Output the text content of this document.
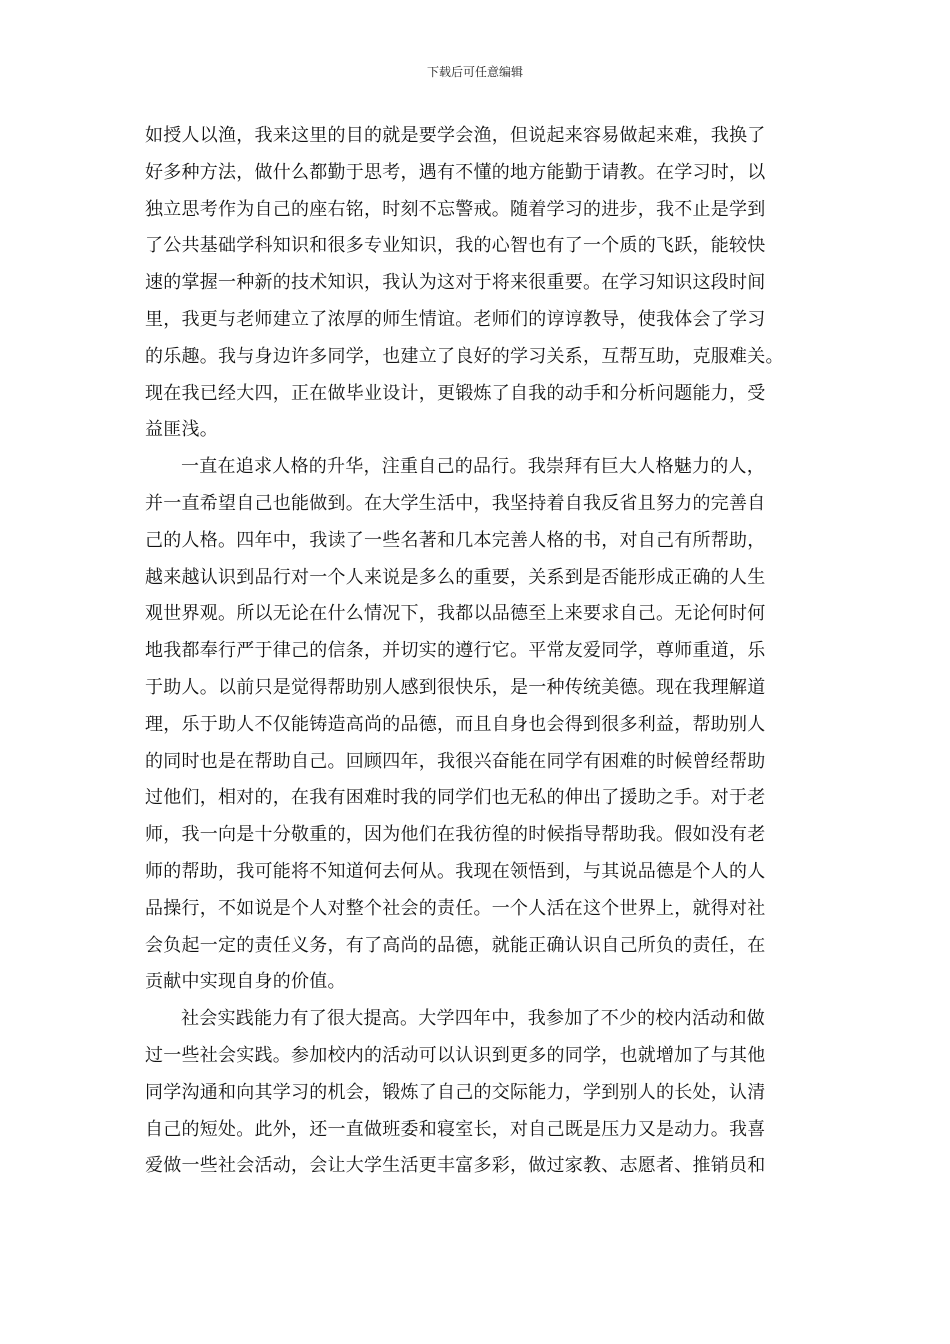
下载后可任意编辑
如授人以渔，我来这里的目的就是要学会渔，但说起来容易做起来难，我换了
好多种方法，做什么都勤于思考，遇有不懂的地方能勤于请教。在学习时，以
独立思考作为自己的座右铭，时刻不忘警戒。随着学习的进步，我不止是学到
了公共基础学科知识和很多专业知识，我的心智也有了一个质的飞跃，能较快
速的掌握一种新的技术知识，我认为这对于将来很重要。在学习知识这段时间
里，我更与老师建立了浓厚的师生情谊。老师们的谆谆教导，使我体会了学习
的乐趣。我与身边许多同学，也建立了良好的学习关系，互帮互助，克服难关。
现在我已经大四，正在做毕业设计，更锻炼了自我的动手和分析问题能力，受
益匪浅。
一直在追求人格的升华，注重自己的品行。我崇拜有巨大人格魅力的人，
并一直希望自己也能做到。在大学生活中，我坚持着自我反省且努力的完善自
己的人格。四年中，我读了一些名著和几本完善人格的书，对自己有所帮助，
越来越认识到品行对一个人来说是多么的重要，关系到是否能形成正确的人生
观世界观。所以无论在什么情况下，我都以品德至上来要求自己。无论何时何
地我都奉行严于律己的信条，并切实的遵行它。平常友爱同学，尊师重道，乐
于助人。以前只是觉得帮助别人感到很快乐，是一种传统美德。现在我理解道
理，乐于助人不仅能铸造高尚的品德，而且自身也会得到很多利益，帮助别人
的同时也是在帮助自己。回顾四年，我很兴奋能在同学有困难的时候曾经帮助
过他们，相对的，在我有困难时我的同学们也无私的伸出了援助之手。对于老
师，我一向是十分敬重的，因为他们在我彷徨的时候指导帮助我。假如没有老
师的帮助，我可能将不知道何去何从。我现在领悟到，与其说品德是个人的人
品操行，不如说是个人对整个社会的责任。一个人活在这个世界上，就得对社
会负起一定的责任义务，有了高尚的品德，就能正确认识自己所负的责任，在
贡献中实现自身的价值。
社会实践能力有了很大提高。大学四年中，我参加了不少的校内活动和做
过一些社会实践。参加校内的活动可以认识到更多的同学，也就增加了与其他
同学沟通和向其学习的机会，锻炼了自己的交际能力，学到别人的长处，认清
自己的短处。此外，还一直做班委和寝室长，对自己既是压力又是动力。我喜
爱做一些社会活动，会让大学生活更丰富多彩，做过家教、志愿者、推销员和
